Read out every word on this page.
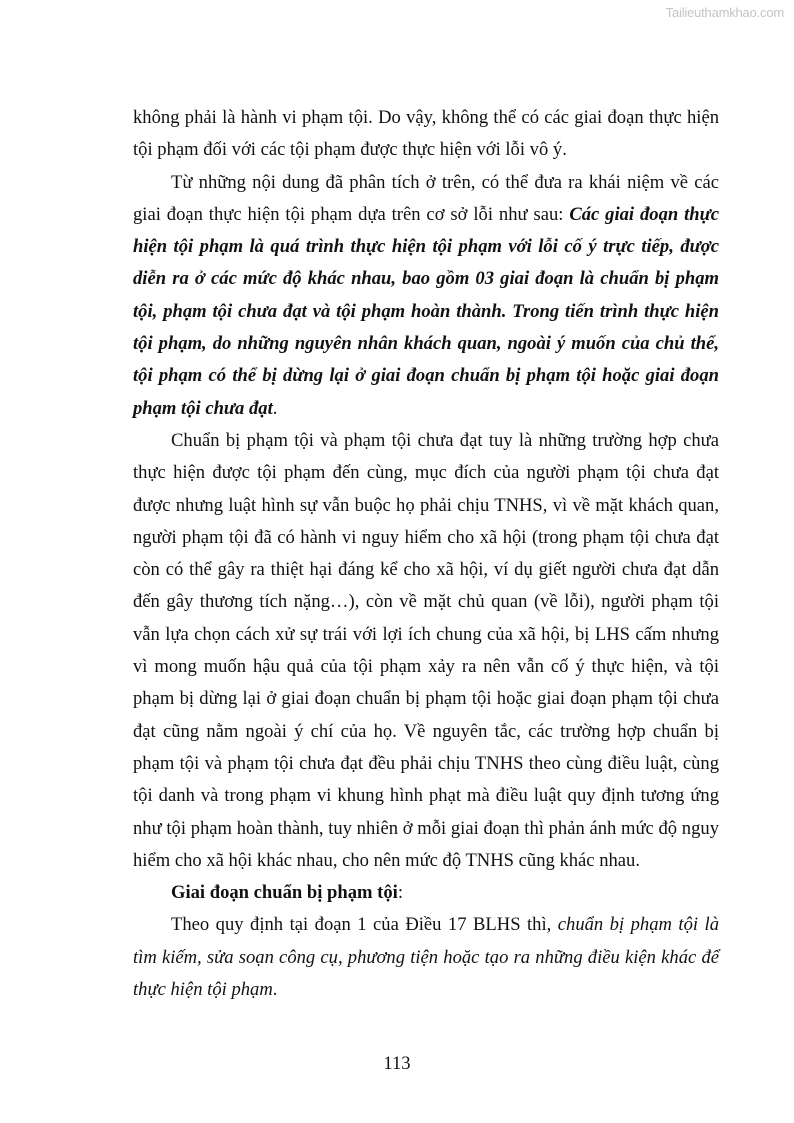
Tailieuthamkhao.com

không phải là hành vi phạm tội. Do vậy, không thể có các giai đoạn thực hiện tội phạm đối với các tội phạm được thực hiện với lỗi vô ý.

Từ những nội dung đã phân tích ở trên, có thể đưa ra khái niệm về các giai đoạn thực hiện tội phạm dựa trên cơ sở lỗi như sau: Các giai đoạn thực hiện tội phạm là quá trình thực hiện tội phạm với lỗi cố ý trực tiếp, được diễn ra ở các mức độ khác nhau, bao gồm 03 giai đoạn là chuẩn bị phạm tội, phạm tội chưa đạt và tội phạm hoàn thành. Trong tiến trình thực hiện tội phạm, do những nguyên nhân khách quan, ngoài ý muốn của chủ thể, tội phạm có thể bị dừng lại ở giai đoạn chuẩn bị phạm tội hoặc giai đoạn phạm tội chưa đạt.

Chuẩn bị phạm tội và phạm tội chưa đạt tuy là những trường hợp chưa thực hiện được tội phạm đến cùng, mục đích của người phạm tội chưa đạt được nhưng luật hình sự vẫn buộc họ phải chịu TNHS, vì về mặt khách quan, người phạm tội đã có hành vi nguy hiểm cho xã hội (trong phạm tội chưa đạt còn có thể gây ra thiệt hại đáng kể cho xã hội, ví dụ giết người chưa đạt dẫn đến gây thương tích nặng…), còn về mặt chủ quan (về lỗi), người phạm tội vẫn lựa chọn cách xử sự trái với lợi ích chung của xã hội, bị LHS cấm nhưng vì mong muốn hậu quả của tội phạm xảy ra nên vẫn cố ý thực hiện, và tội phạm bị dừng lại ở giai đoạn chuẩn bị phạm tội hoặc giai đoạn phạm tội chưa đạt cũng nằm ngoài ý chí của họ. Về nguyên tắc, các trường hợp chuẩn bị phạm tội và phạm tội chưa đạt đều phải chịu TNHS theo cùng điều luật, cùng tội danh và trong phạm vi khung hình phạt mà điều luật quy định tương ứng như tội phạm hoàn thành, tuy nhiên ở mỗi giai đoạn thì phản ánh mức độ nguy hiểm cho xã hội khác nhau, cho nên mức độ TNHS cũng khác nhau.

Giai đoạn chuẩn bị phạm tội:

Theo quy định tại đoạn 1 của Điều 17 BLHS thì, chuẩn bị phạm tội là tìm kiếm, sửa soạn công cụ, phương tiện hoặc tạo ra những điều kiện khác để thực hiện tội phạm.

113
